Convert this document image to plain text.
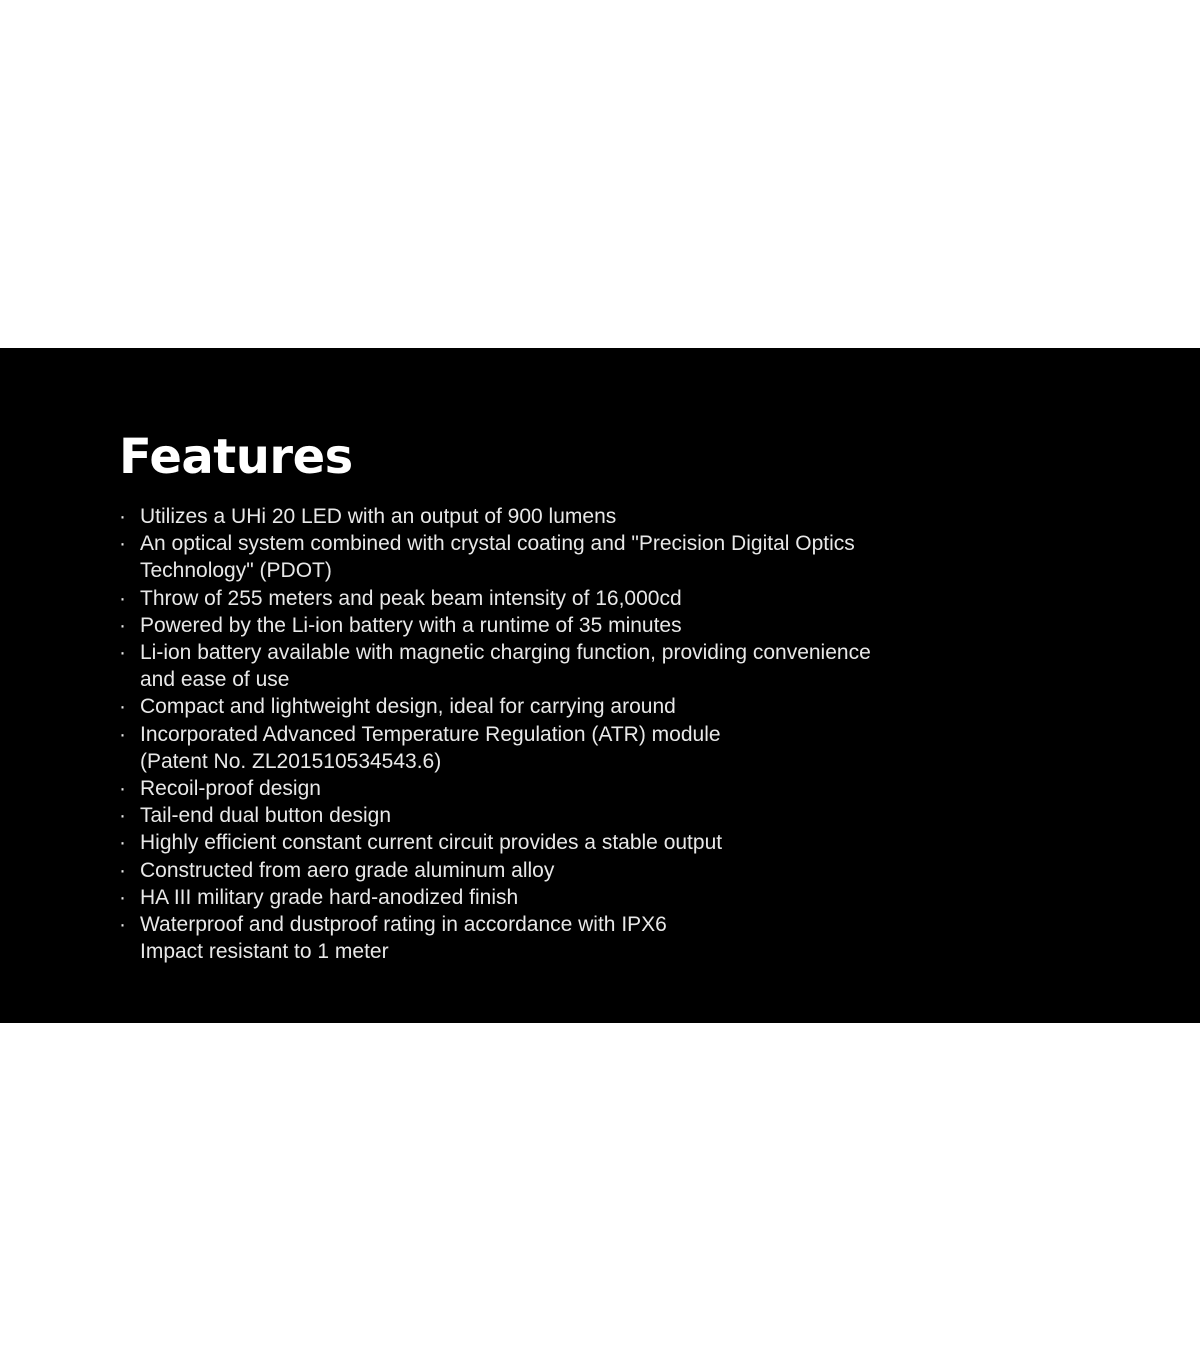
Features
· Utilizes a UHi 20 LED with an output of 900 lumens
· An optical system combined with crystal coating and "Precision Digital Optics
Technology" (PDOT)
· Throw of 255 meters and peak beam intensity of 16,000cd
· Powered by the Li-ion battery with a runtime of 35 minutes
· Li-ion battery available with magnetic charging function, providing convenience
and ease of use
· Compact and lightweight design, ideal for carrying around
· Incorporated Advanced Temperature Regulation (ATR) module
(Patent No. ZL201510534543.6)
· Recoil-proof design
· Tail-end dual button design
· Highly efficient constant current circuit provides a stable output
· Constructed from aero grade aluminum alloy
· HA III military grade hard-anodized finish
· Waterproof and dustproof rating in accordance with IPX6
Impact resistant to 1 meter
